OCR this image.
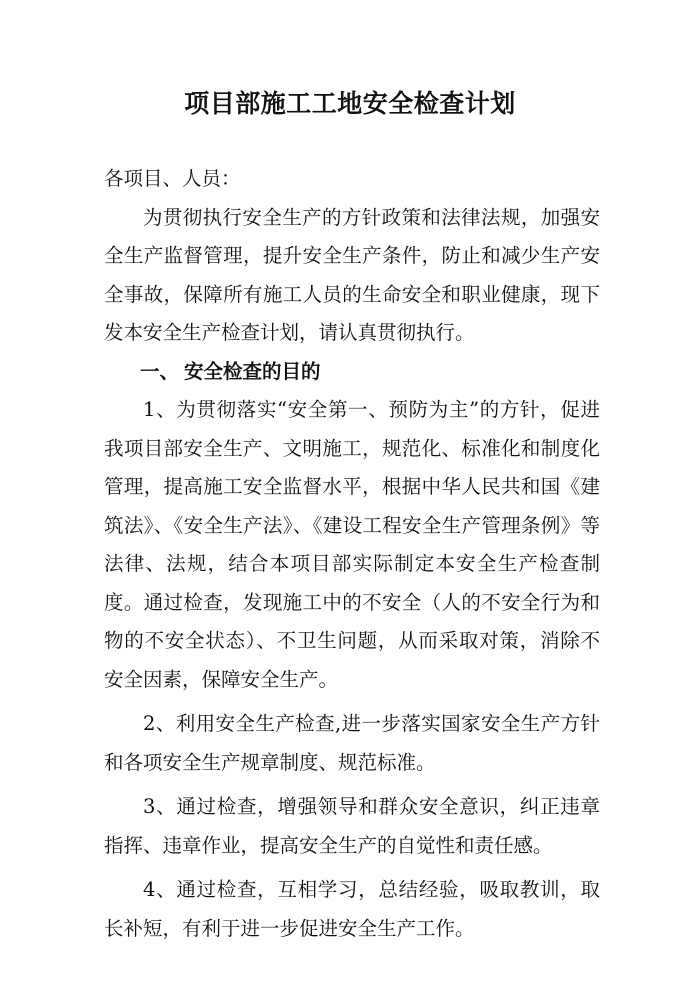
项目部施工工地安全检查计划

各项目、人员：

为贯彻执行安全生产的方针政策和法律法规，加强安全生产监督管理，提升安全生产条件，防止和减少生产安全事故，保障所有施工人员的生命安全和职业健康，现下发本安全生产检查计划，请认真贯彻执行。

一、 安全检查的目的

1、为贯彻落实“安全第一、预防为主”的方针，促进我项目部安全生产、文明施工，规范化、标准化和制度化管理，提高施工安全监督水平，根据中华人民共和国《建筑法》、《安全生产法》、《建设工程安全生产管理条例》等法律、法规，结合本项目部实际制定本安全生产检查制度。通过检查，发现施工中的不安全（人的不安全行为和物的不安全状态）、不卫生问题，从而采取对策，消除不安全因素，保障安全生产。

2、利用安全生产检查,进一步落实国家安全生产方针和各项安全生产规章制度、规范标准。

3、通过检查，增强领导和群众安全意识，纠正违章指挥、违章作业，提高安全生产的自觉性和责任感。

4、通过检查，互相学习，总结经验，吸取教训，取长补短，有利于进一步促进安全生产工作。
